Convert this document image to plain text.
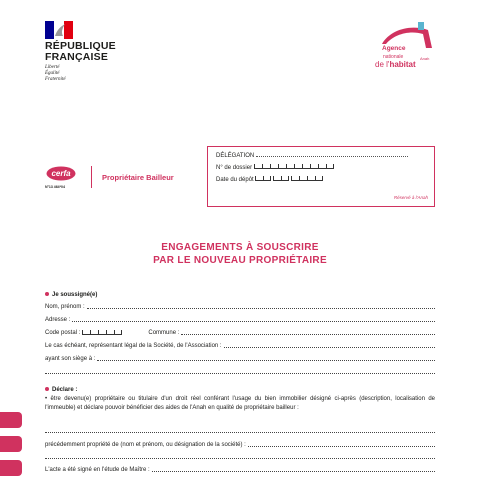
RÉPUBLIQUE
FRANÇAISE
Liberté
Égalité
Fraternité
Agence
nationale
de l'habitat
Anah
cerfa
N°13 464*04
Propriétaire Bailleur
DÉLÉGATION
N° de dossier
Date du dépôt
Réservé à l'Anah
ENGAGEMENTS À SOUSCRIRE
PAR LE NOUVEAU PROPRIÉTAIRE
Je soussigné(e)
Nom, prénom :
Adresse :
Code postal :	Commune :
Le cas échéant, représentant légal de la Société, de l'Association :
ayant son siège à :
Déclare :
• être devenu(e) propriétaire ou titulaire d'un droit réel conférant l'usage du bien immobilier désigné ci-après (description, localisation de l'immeuble) et déclare pouvoir bénéficier des aides de l'Anah en qualité de propriétaire bailleur :
précédemment propriété de (nom et prénom, ou désignation de la société) :
L'acte a été signé en l'étude de Maître :
